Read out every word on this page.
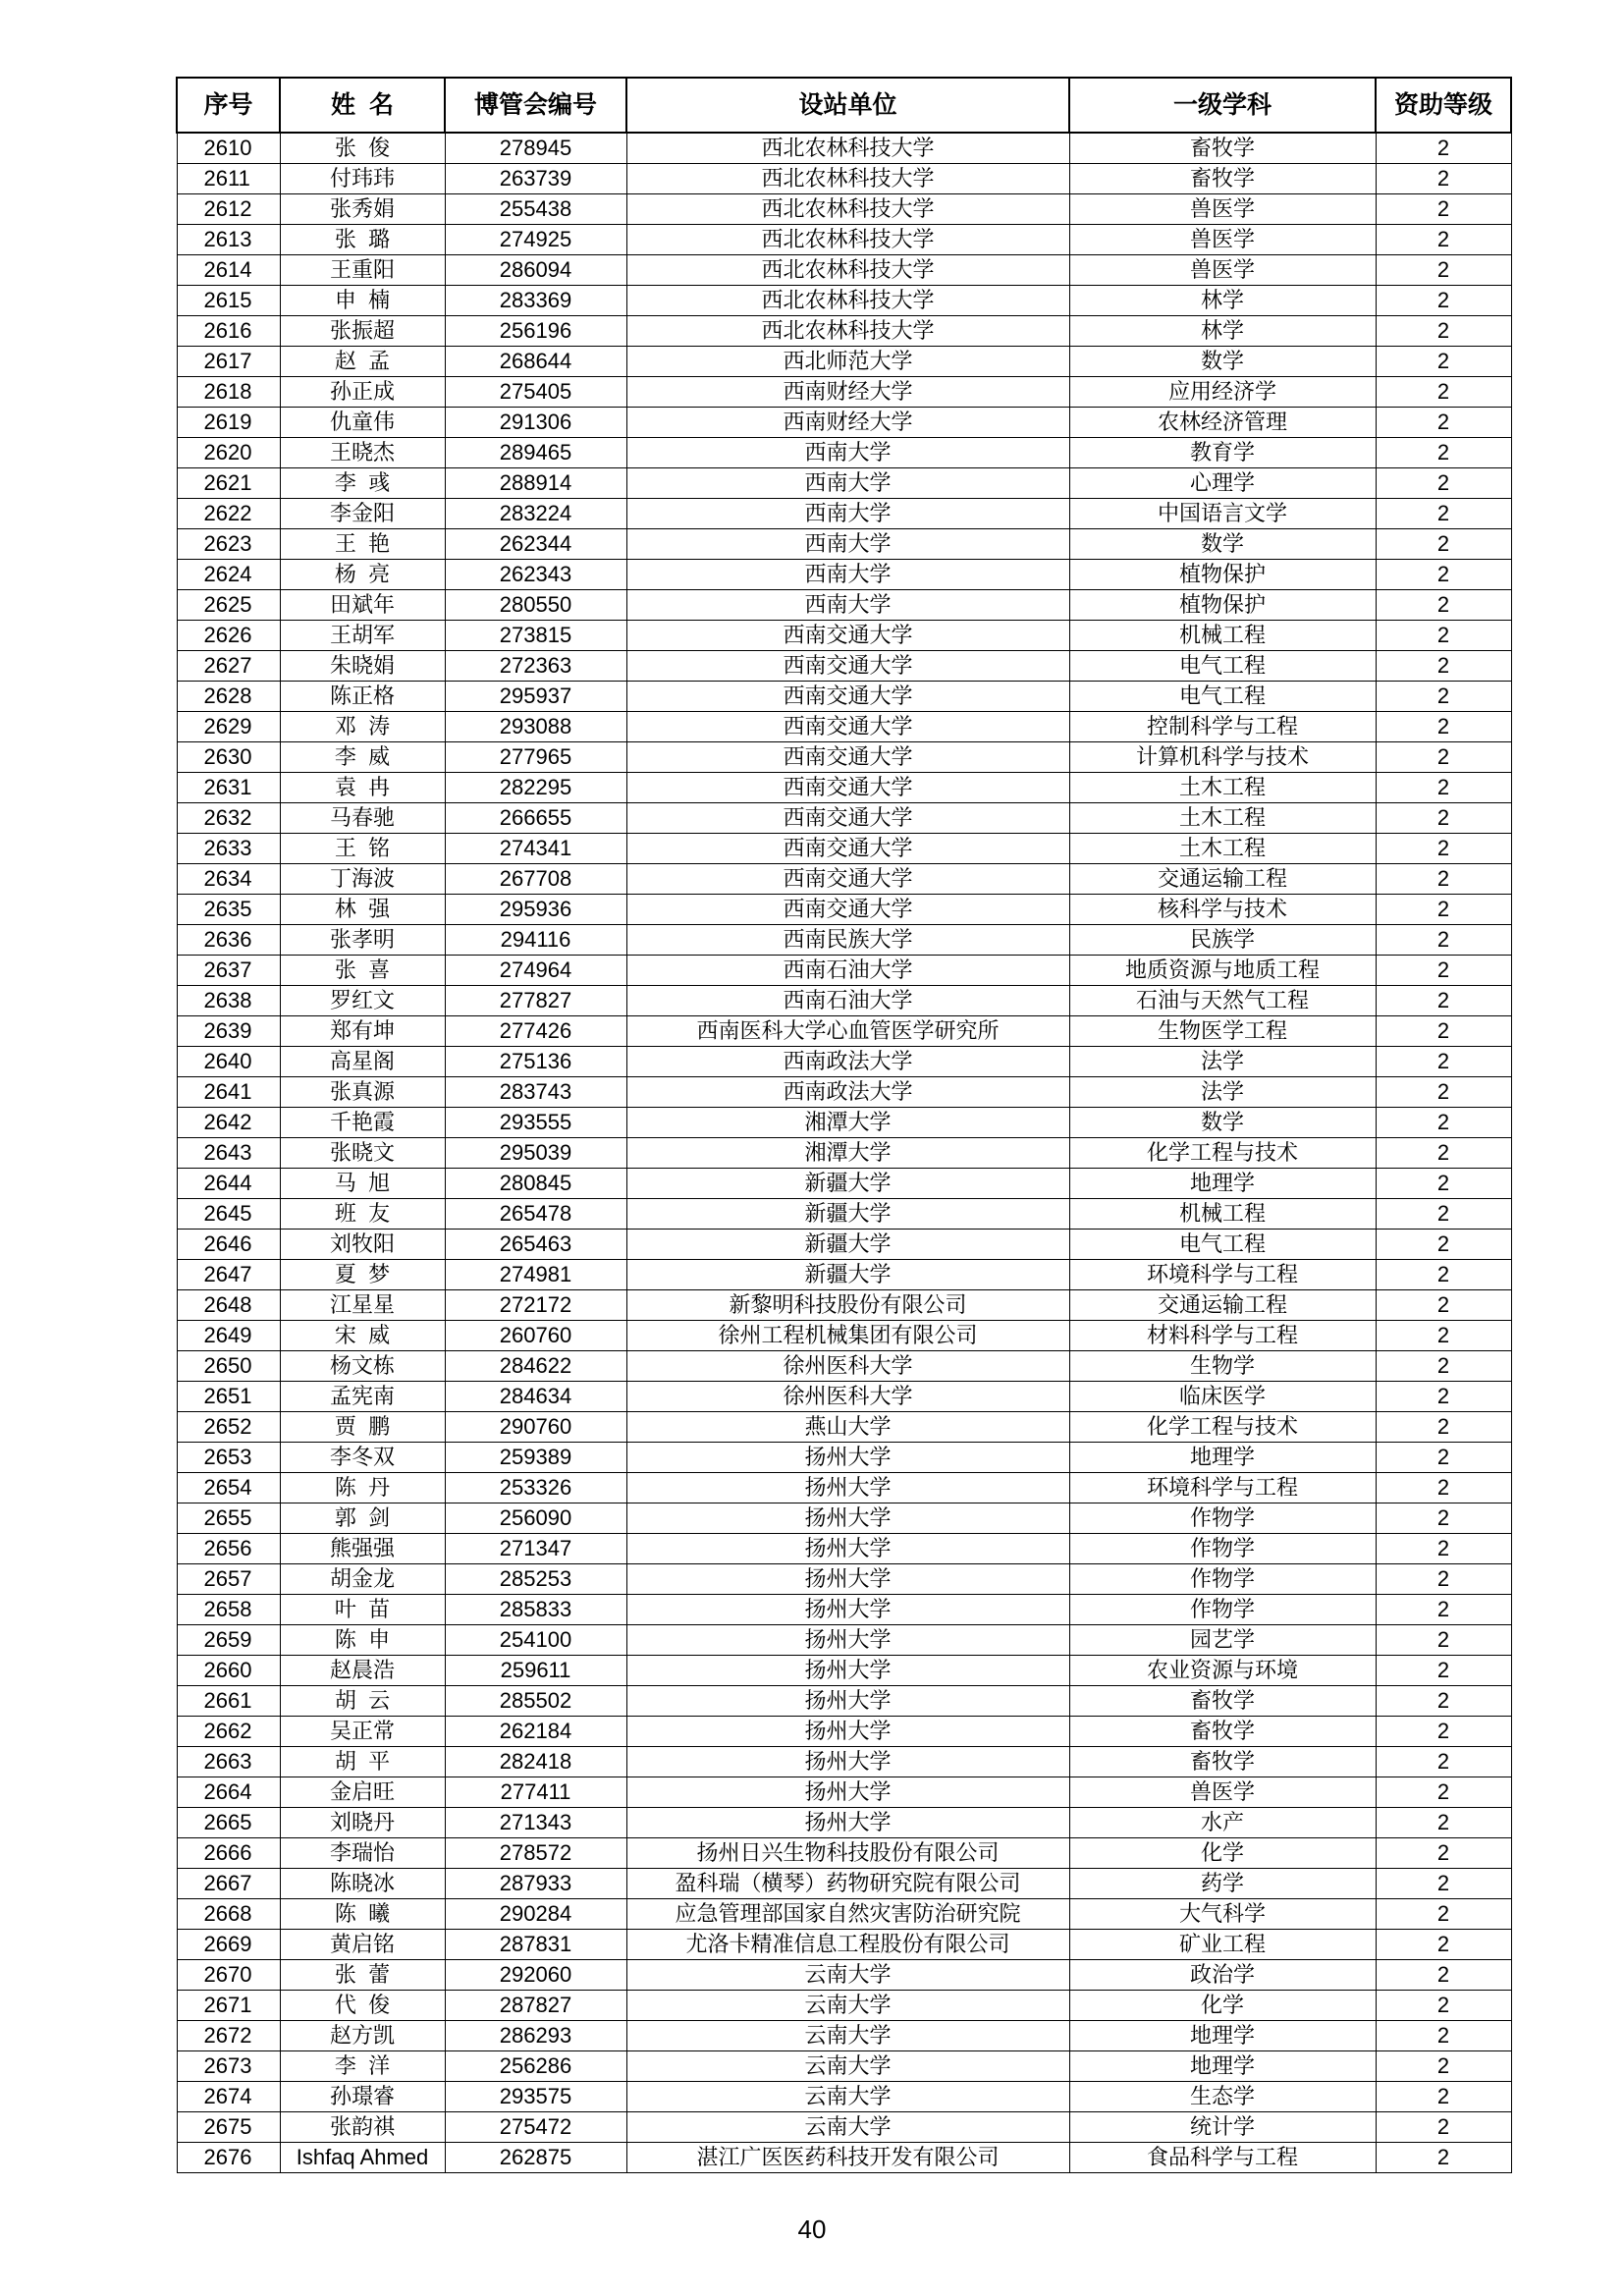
序号	姓  名	博管会编号	设站单位	一级学科	资助等级
2610	张  俊	278945	西北农林科技大学	畜牧学	2
2611	付玮玮	263739	西北农林科技大学	畜牧学	2
2612	张秀娟	255438	西北农林科技大学	兽医学	2
2613	张  璐	274925	西北农林科技大学	兽医学	2
2614	王重阳	286094	西北农林科技大学	兽医学	2
2615	申  楠	283369	西北农林科技大学	林学	2
2616	张振超	256196	西北农林科技大学	林学	2
2617	赵  孟	268644	西北师范大学	数学	2
2618	孙正成	275405	西南财经大学	应用经济学	2
2619	仇童伟	291306	西南财经大学	农林经济管理	2
2620	王晓杰	289465	西南大学	教育学	2
2621	李  彧	288914	西南大学	心理学	2
2622	李金阳	283224	西南大学	中国语言文学	2
2623	王  艳	262344	西南大学	数学	2
2624	杨  亮	262343	西南大学	植物保护	2
2625	田斌年	280550	西南大学	植物保护	2
2626	王胡军	273815	西南交通大学	机械工程	2
2627	朱晓娟	272363	西南交通大学	电气工程	2
2628	陈正格	295937	西南交通大学	电气工程	2
2629	邓  涛	293088	西南交通大学	控制科学与工程	2
2630	李  威	277965	西南交通大学	计算机科学与技术	2
2631	袁  冉	282295	西南交通大学	土木工程	2
2632	马春驰	266655	西南交通大学	土木工程	2
2633	王  铭	274341	西南交通大学	土木工程	2
2634	丁海波	267708	西南交通大学	交通运输工程	2
2635	林  强	295936	西南交通大学	核科学与技术	2
2636	张孝明	294116	西南民族大学	民族学	2
2637	张  喜	274964	西南石油大学	地质资源与地质工程	2
2638	罗红文	277827	西南石油大学	石油与天然气工程	2
2639	郑有坤	277426	西南医科大学心血管医学研究所	生物医学工程	2
2640	高星阁	275136	西南政法大学	法学	2
2641	张真源	283743	西南政法大学	法学	2
2642	千艳霞	293555	湘潭大学	数学	2
2643	张晓文	295039	湘潭大学	化学工程与技术	2
2644	马  旭	280845	新疆大学	地理学	2
2645	班  友	265478	新疆大学	机械工程	2
2646	刘牧阳	265463	新疆大学	电气工程	2
2647	夏  梦	274981	新疆大学	环境科学与工程	2
2648	江星星	272172	新黎明科技股份有限公司	交通运输工程	2
2649	宋  威	260760	徐州工程机械集团有限公司	材料科学与工程	2
2650	杨文栋	284622	徐州医科大学	生物学	2
2651	孟宪南	284634	徐州医科大学	临床医学	2
2652	贾  鹏	290760	燕山大学	化学工程与技术	2
2653	李冬双	259389	扬州大学	地理学	2
2654	陈  丹	253326	扬州大学	环境科学与工程	2
2655	郭  剑	256090	扬州大学	作物学	2
2656	熊强强	271347	扬州大学	作物学	2
2657	胡金龙	285253	扬州大学	作物学	2
2658	叶  苗	285833	扬州大学	作物学	2
2659	陈  申	254100	扬州大学	园艺学	2
2660	赵晨浩	259611	扬州大学	农业资源与环境	2
2661	胡  云	285502	扬州大学	畜牧学	2
2662	吴正常	262184	扬州大学	畜牧学	2
2663	胡  平	282418	扬州大学	畜牧学	2
2664	金启旺	277411	扬州大学	兽医学	2
2665	刘晓丹	271343	扬州大学	水产	2
2666	李瑞怡	278572	扬州日兴生物科技股份有限公司	化学	2
2667	陈晓冰	287933	盈科瑞（横琴）药物研究院有限公司	药学	2
2668	陈  曦	290284	应急管理部国家自然灾害防治研究院	大气科学	2
2669	黄启铭	287831	尤洛卡精准信息工程股份有限公司	矿业工程	2
2670	张  蕾	292060	云南大学	政治学	2
2671	代  俊	287827	云南大学	化学	2
2672	赵方凯	286293	云南大学	地理学	2
2673	李  洋	256286	云南大学	地理学	2
2674	孙璟睿	293575	云南大学	生态学	2
2675	张韵祺	275472	云南大学	统计学	2
2676	Ishfaq Ahmed	262875	湛江广医医药科技开发有限公司	食品科学与工程	2
40
